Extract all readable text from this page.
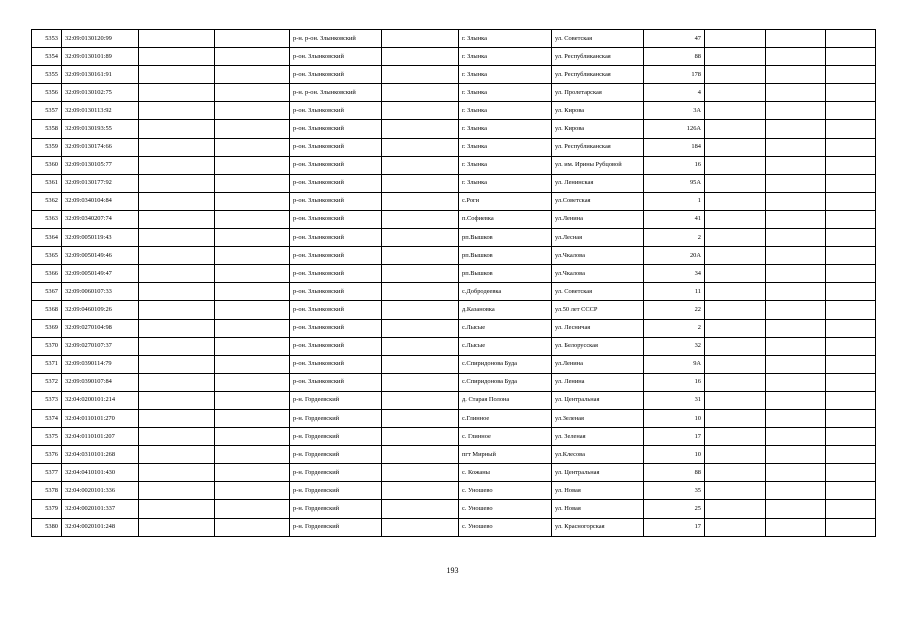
5353	32:09:0130120:99			р-н. р-он. Злынковский		г. Злынка	ул. Советская	47			
5354	32:09:0130101:89			р-он. Злынковский		г. Злынка	ул. Республиканская	88			
5355	32:09:0130161:91			р-он. Злынковский		г. Злынка	ул. Республиканская	178			
5356	32:09:0130102:75			р-н. р-он. Злынковский		г. Злынка	ул. Пролетарская	4			
5357	32:09:0130113:92			р-он. Злынковский		г. Злынка	ул. Кирова	3А			
5358	32:09:0130193:55			р-он. Злынковский		г. Злынка	ул. Кирова	126А			
5359	32:09:0130174:66			р-он. Злынковский		г. Злынка	ул. Республиканская	184			
5360	32:09:0130105:77			р-он. Злынковский		г. Злынка	ул. им. Ирины Рубцовой	16			
5361	32:09:0130177:92			р-он. Злынковский		г. Злынка	ул. Ленинская	95А			
5362	32:09:0340104:84			р-он. Злынковский		с.Роги	ул.Советская	1			
5363	32:09:0340207:74			р-он. Злынковский		п.Софиевка	ул.Ленина	41			
5364	32:09:0050119:43			р-он. Злынковский		рп.Вышков	ул.Лесная	2			
5365	32:09:0050149:46			р-он. Злынковский		рп.Вышков	ул.Чкалова	20А			
5366	32:09:0050149:47			р-он. Злынковский		рп.Вышков	ул.Чкалова	34			
5367	32:09:0060107:33			р-он. Злынковский		с.Добродеевка	ул. Советская	11			
5368	32:09:0460109:26			р-он. Злынковский		д.Казановка	ул.50 лет СССР	22			
5369	32:09:0270104:98			р-он. Злынковский		с.Лысые	ул. Лесничая	2			
5370	32:09:0270107:37			р-он. Злынковский		с.Лысые	ул. Белорусская	32			
5371	32:09:0390114:79			р-он. Злынковский		с.Спиридонова Буда	ул.Ленина	9А			
5372	32:09:0390107:84			р-он. Злынковский		с.Спиридонова Буда	ул. Ленина	16			
5373	32:04:0200101:214			р-н. Гордеевский		д. Старая Полона	ул. Центральная	31			
5374	32:04:0110101:270			р-н. Гордеевский		с.Глинное	ул.Зеленая	10			
5375	32:04:0110101:207			р-н. Гордеевский		с. Глинное	ул. Зеленая	17			
5376	32:04:0310101:268			р-н. Гордеевский		пгт Мирный	ул.Клесова	10			
5377	32:04:0410101:430			р-н. Гордеевский		с. Кожаны	ул. Центральная	88			
5378	32:04:0020101:336			р-н. Гордеевский		с. Уношево	ул. Новая	35			
5379	32:04:0020101:337			р-н. Гордеевский		с. Уношево	ул. Новая	25			
5380	32:04:0020101:248			р-н. Гордеевский		с. Уношево	ул. Красногорская	17			
193
